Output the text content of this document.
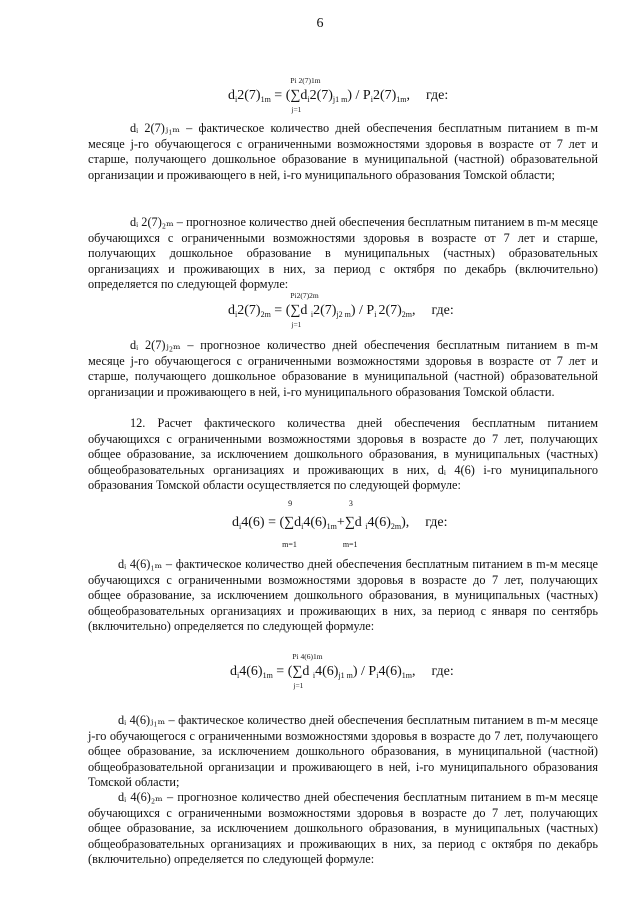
6
$d_i2(7)_{1m}$ = (
Pi 2(7)1m
∑
j=1
$d_i2(7)_{j1 m}) / P_i2(7)_{1m}$, где:

dᵢ 2(7)ⱼ₁ₘ – фактическое количество дней обеспечения бесплатным питанием в m-м месяце j-го обучающегося с ограниченными возможностями здоровья в возрасте от 7 лет и старше, получающего дошкольное образование в муниципальной (частной) образовательной организации и проживающего в ней, i-го муниципального образования Томской области;

dᵢ 2(7)₂ₘ – прогнозное количество дней обеспечения бесплатным питанием в m-м месяце обучающихся с ограниченными возможностями здоровья в возрасте от 7 лет и старше, получающих дошкольное образование в муниципальных (частных) образовательных организациях и проживающих в них, за период с октября по декабрь (включительно) определяется по следующей формуле:

$d_i2(7)_{2m}$ = (
Pi2(7)2m
∑
j=1
d $_i2(7)_{j2 m}) / P_i$ $2(7)_{2m}$, где:

dᵢ 2(7)ⱼ₂ₘ – прогнозное количество дней обеспечения бесплатным питанием в m-м месяце j-го обучающегося с ограниченными возможностями здоровья в возрасте от 7 лет и старше, получающего дошкольное образование в муниципальной (частной) образовательной организации и проживающего в ней, i-го муниципального образования Томской области.

12. Расчет фактического количества дней обеспечения бесплатным питанием обучающихся с ограниченными возможностями здоровья в возрасте до 7 лет, получающих общее образование, за исключением дошкольного образования, в муниципальных (частных) общеобразовательных организациях и проживающих в них, dᵢ 4(6) i-го муниципального образования Томской области осуществляется по следующей формуле:

$d_i4(6)$ = (
9
∑
m=1
$d_i4(6)_{1m}+$
3
∑
m=1
d $_i4(6)_{2m}$), где:

dᵢ 4(6)₁ₘ – фактическое количество дней обеспечения бесплатным питанием в m-м месяце обучающихся с ограниченными возможностями здоровья в возрасте до 7 лет, получающих общее образование, за исключением дошкольного образования, в муниципальных (частных) общеобразовательных организациях и проживающих в них, за период с января по сентябрь (включительно) определяется по следующей формуле:

$d_i4(6)_{1m}$ = (
Pi 4(6)1m
∑
j=1
d $_i4(6)_{j1 m}) / P_i4(6)_{1m}$, где:

dᵢ 4(6)ⱼ₁ₘ – фактическое количество дней обеспечения бесплатным питанием в m-м месяце j-го обучающегося с ограниченными возможностями здоровья в возрасте до 7 лет, получающего общее образование, за исключением дошкольного образования, в муниципальной (частной) общеобразовательной организации и проживающего в ней, i-го муниципального образования Томской области;

dᵢ 4(6)₂ₘ – прогнозное количество дней обеспечения бесплатным питанием в m-м месяце обучающихся с ограниченными возможностями здоровья в возрасте до 7 лет, получающих общее образование, за исключением дошкольного образования, в муниципальных (частных) общеобразовательных организациях и проживающих в них, за период с октября по декабрь (включительно) определяется по следующей формуле:
